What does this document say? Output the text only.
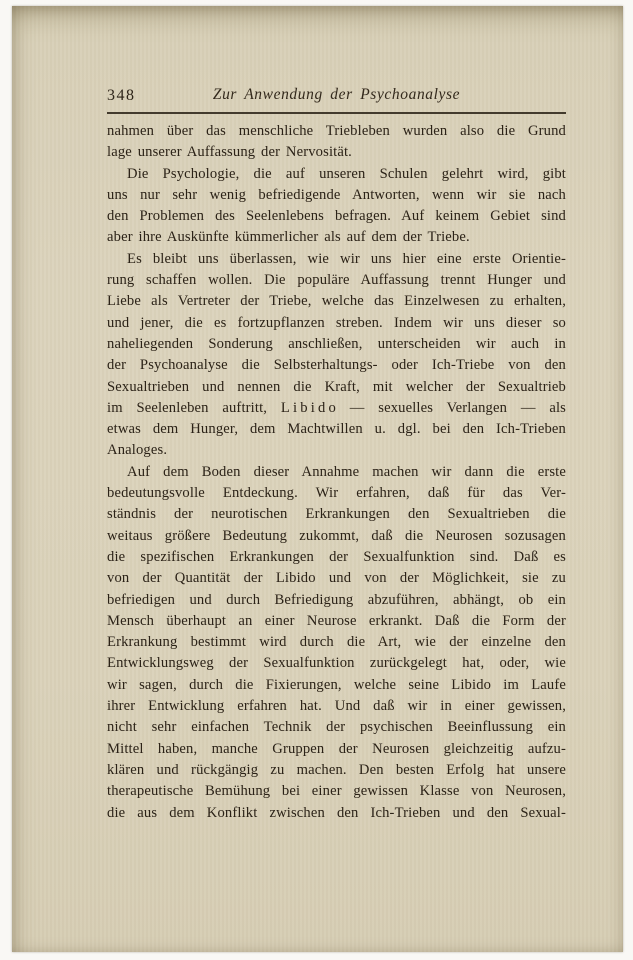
348	Zur Anwendung der Psychoanalyse
nahmen über das menschliche Triebleben wurden also die Grund
lage unserer Auffassung der Nervosität.
Die Psychologie, die auf unseren Schulen gelehrt wird, gibt
uns nur sehr wenig befriedigende Antworten, wenn wir sie nach
den Problemen des Seelenlebens befragen. Auf keinem Gebiet sind
aber ihre Auskünfte kümmerlicher als auf dem der Triebe.
Es bleibt uns überlassen, wie wir uns hier eine erste Orientie-
rung schaffen wollen. Die populäre Auffassung trennt Hunger und
Liebe als Vertreter der Triebe, welche das Einzelwesen zu erhalten,
und jener, die es fortzupflanzen streben. Indem wir uns dieser so
naheliegenden Sonderung anschließen, unterscheiden wir auch in
der Psychoanalyse die Selbsterhaltungs- oder Ich-Triebe von den
Sexualtrieben und nennen die Kraft, mit welcher der Sexualtrieb
im Seelenleben auftritt, L i b i d o — sexuelles Verlangen — als
etwas dem Hunger, dem Machtwillen u. dgl. bei den Ich-Trieben
Analoges.
Auf dem Boden dieser Annahme machen wir dann die erste
bedeutungsvolle Entdeckung. Wir erfahren, daß für das Ver-
ständnis der neurotischen Erkrankungen den Sexualtrieben die
weitaus größere Bedeutung zukommt, daß die Neurosen sozusagen
die spezifischen Erkrankungen der Sexualfunktion sind. Daß es
von der Quantität der Libido und von der Möglichkeit, sie zu
befriedigen und durch Befriedigung abzuführen, abhängt, ob ein
Mensch überhaupt an einer Neurose erkrankt. Daß die Form der
Erkrankung bestimmt wird durch die Art, wie der einzelne den
Entwicklungsweg der Sexualfunktion zurückgelegt hat, oder, wie
wir sagen, durch die Fixierungen, welche seine Libido im Laufe
ihrer Entwicklung erfahren hat. Und daß wir in einer gewissen,
nicht sehr einfachen Technik der psychischen Beeinflussung ein
Mittel haben, manche Gruppen der Neurosen gleichzeitig aufzu-
klären und rückgängig zu machen. Den besten Erfolg hat unsere
therapeutische Bemühung bei einer gewissen Klasse von Neurosen,
die aus dem Konflikt zwischen den Ich-Trieben und den Sexual-
